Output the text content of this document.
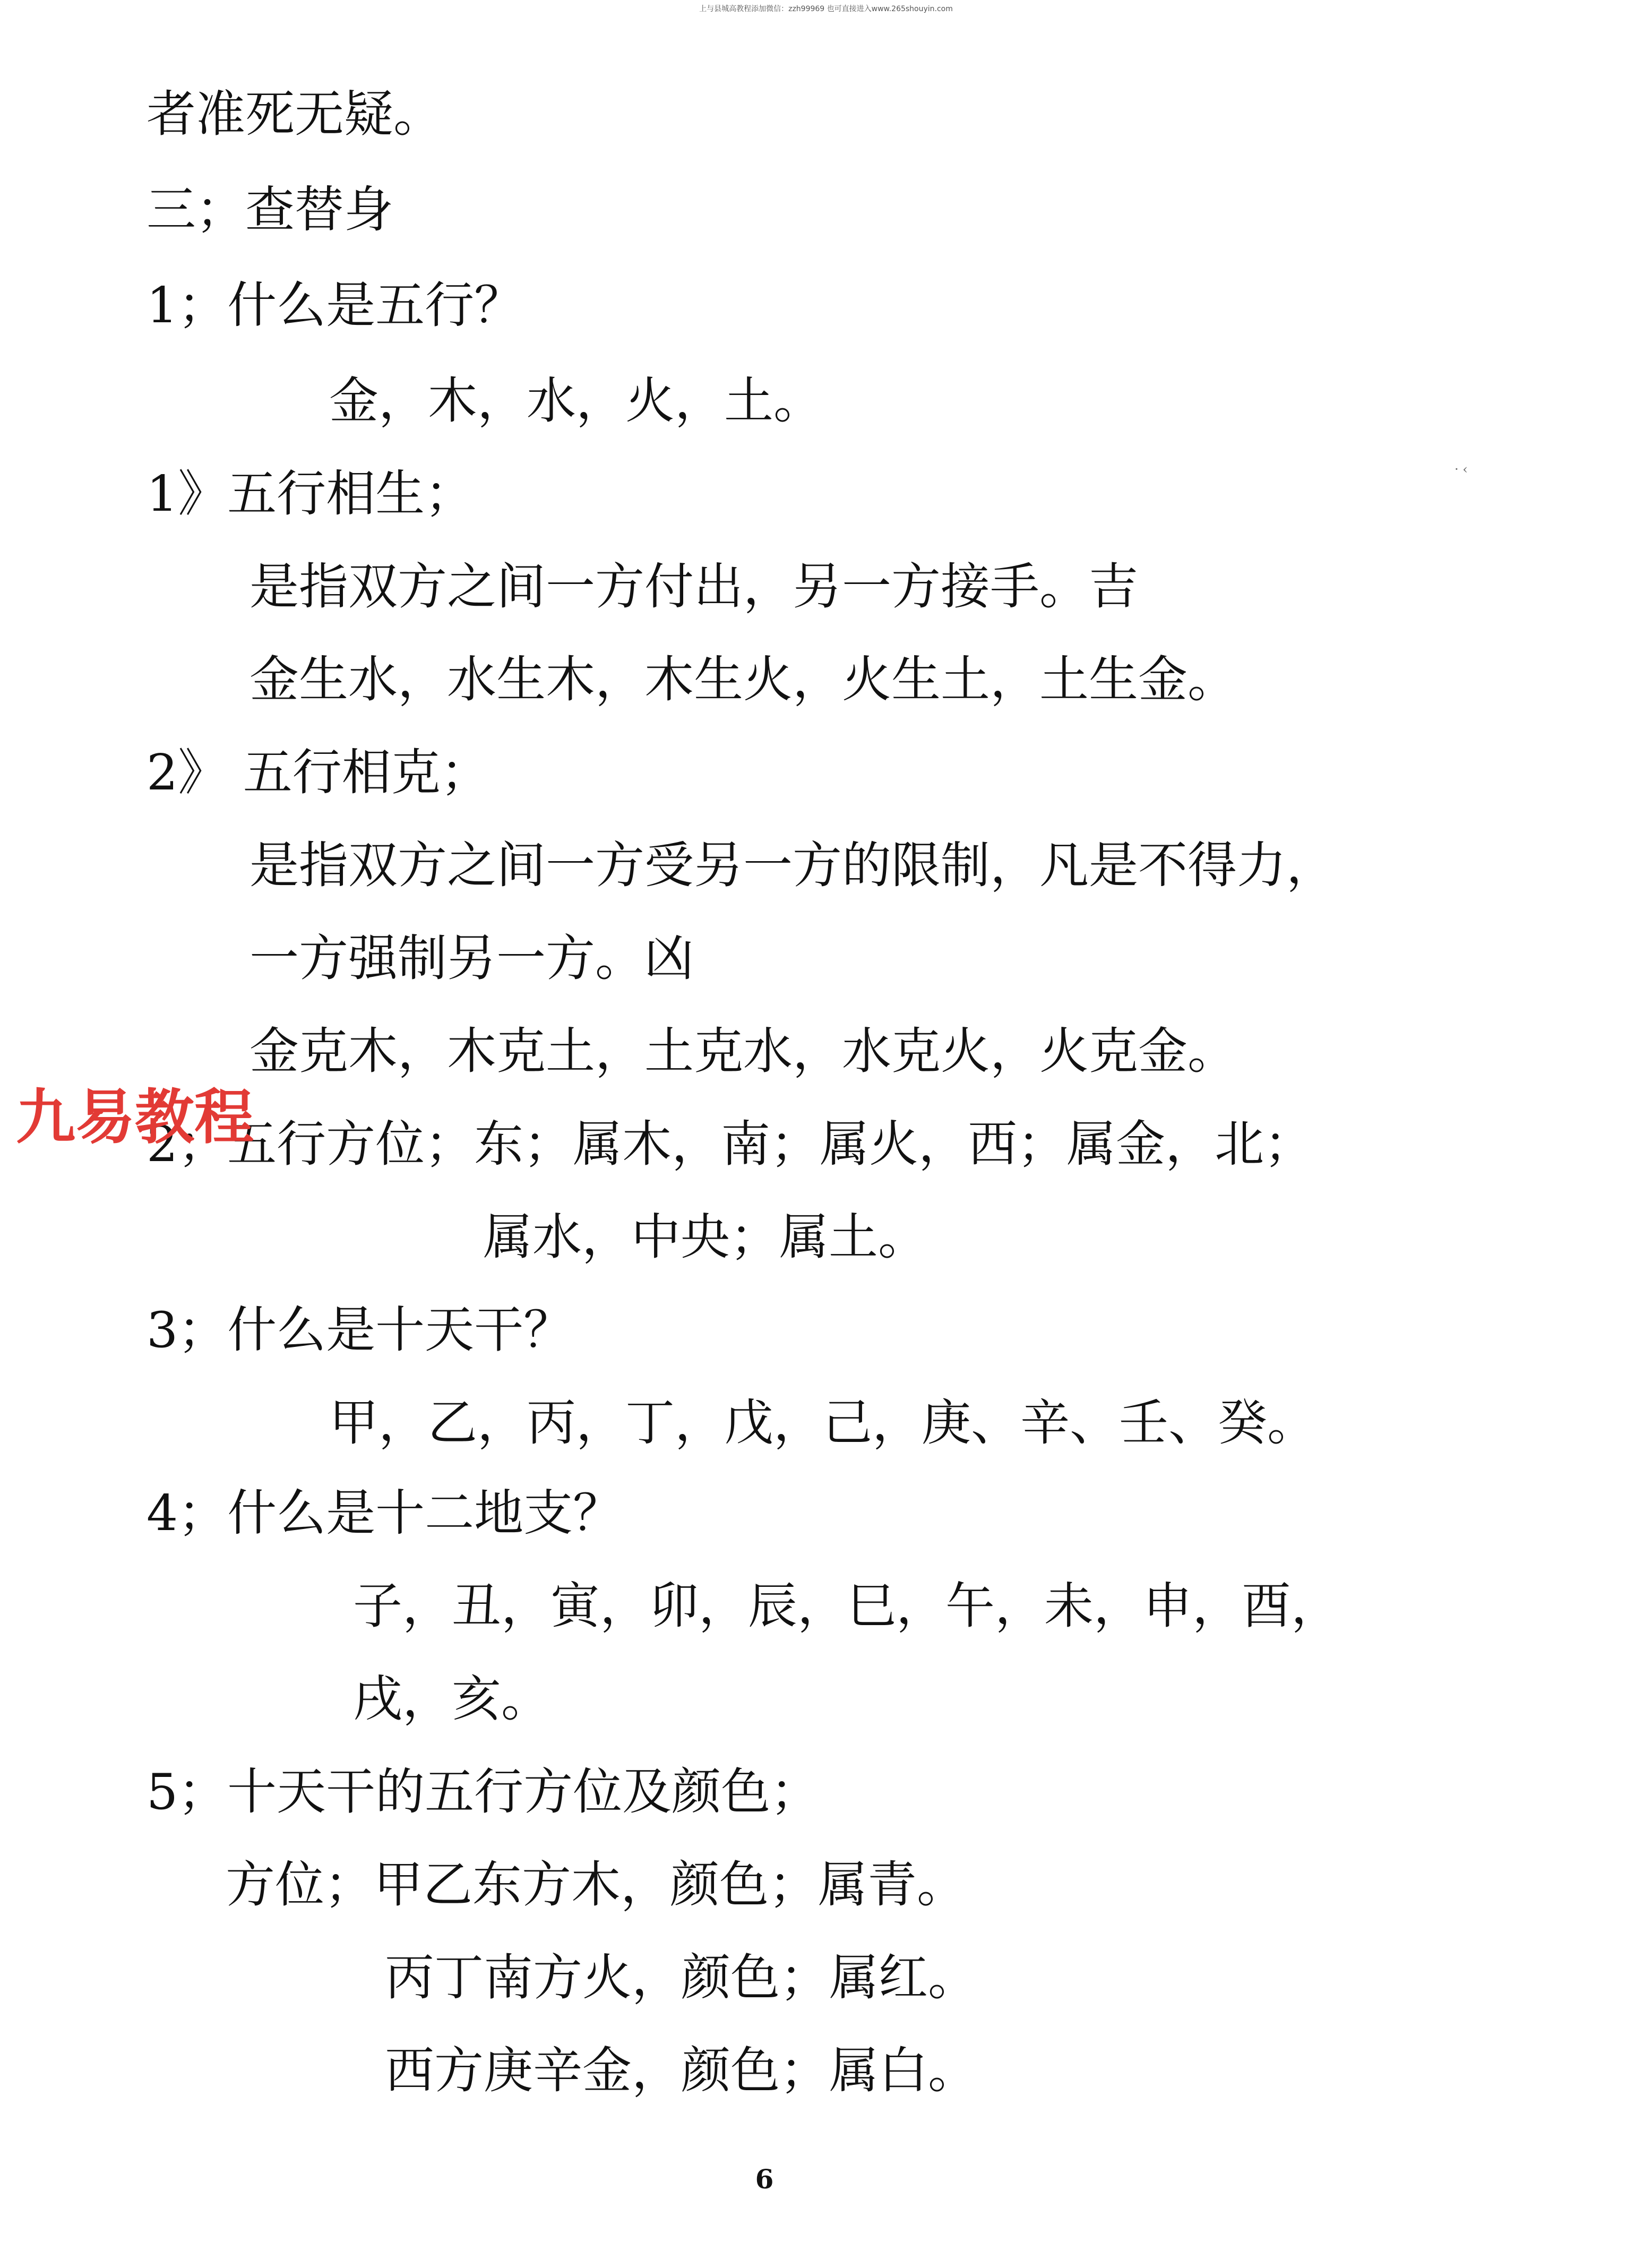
上与县城高教程添加微信：zzh99969 也可直接进入www.265shouyin.com
· ‹
者准死无疑。
三；查替身
1；什么是五行？
金，木，水，火，土。
1》五行相生；
是指双方之间一方付出，另一方接手。吉
金生水，水生木，木生火，火生土，土生金。
2》 五行相克；
是指双方之间一方受另一方的限制，凡是不得力，
一方强制另一方。凶
金克木，木克土，土克水，水克火，火克金。
2；五行方位；东；属木，南；属火，西；属金，北；
属水，中央；属土。
3；什么是十天干？
甲，乙，丙，丁，戊，己，庚、辛、壬、癸。
4；什么是十二地支？
子，丑，寅，卯，辰，巳，午，未，申，酉，
戌，亥。
5；十天干的五行方位及颜色；
方位；甲乙东方木，颜色；属青。
丙丁南方火，颜色；属红。
西方庚辛金，颜色；属白。
九易教程
6
